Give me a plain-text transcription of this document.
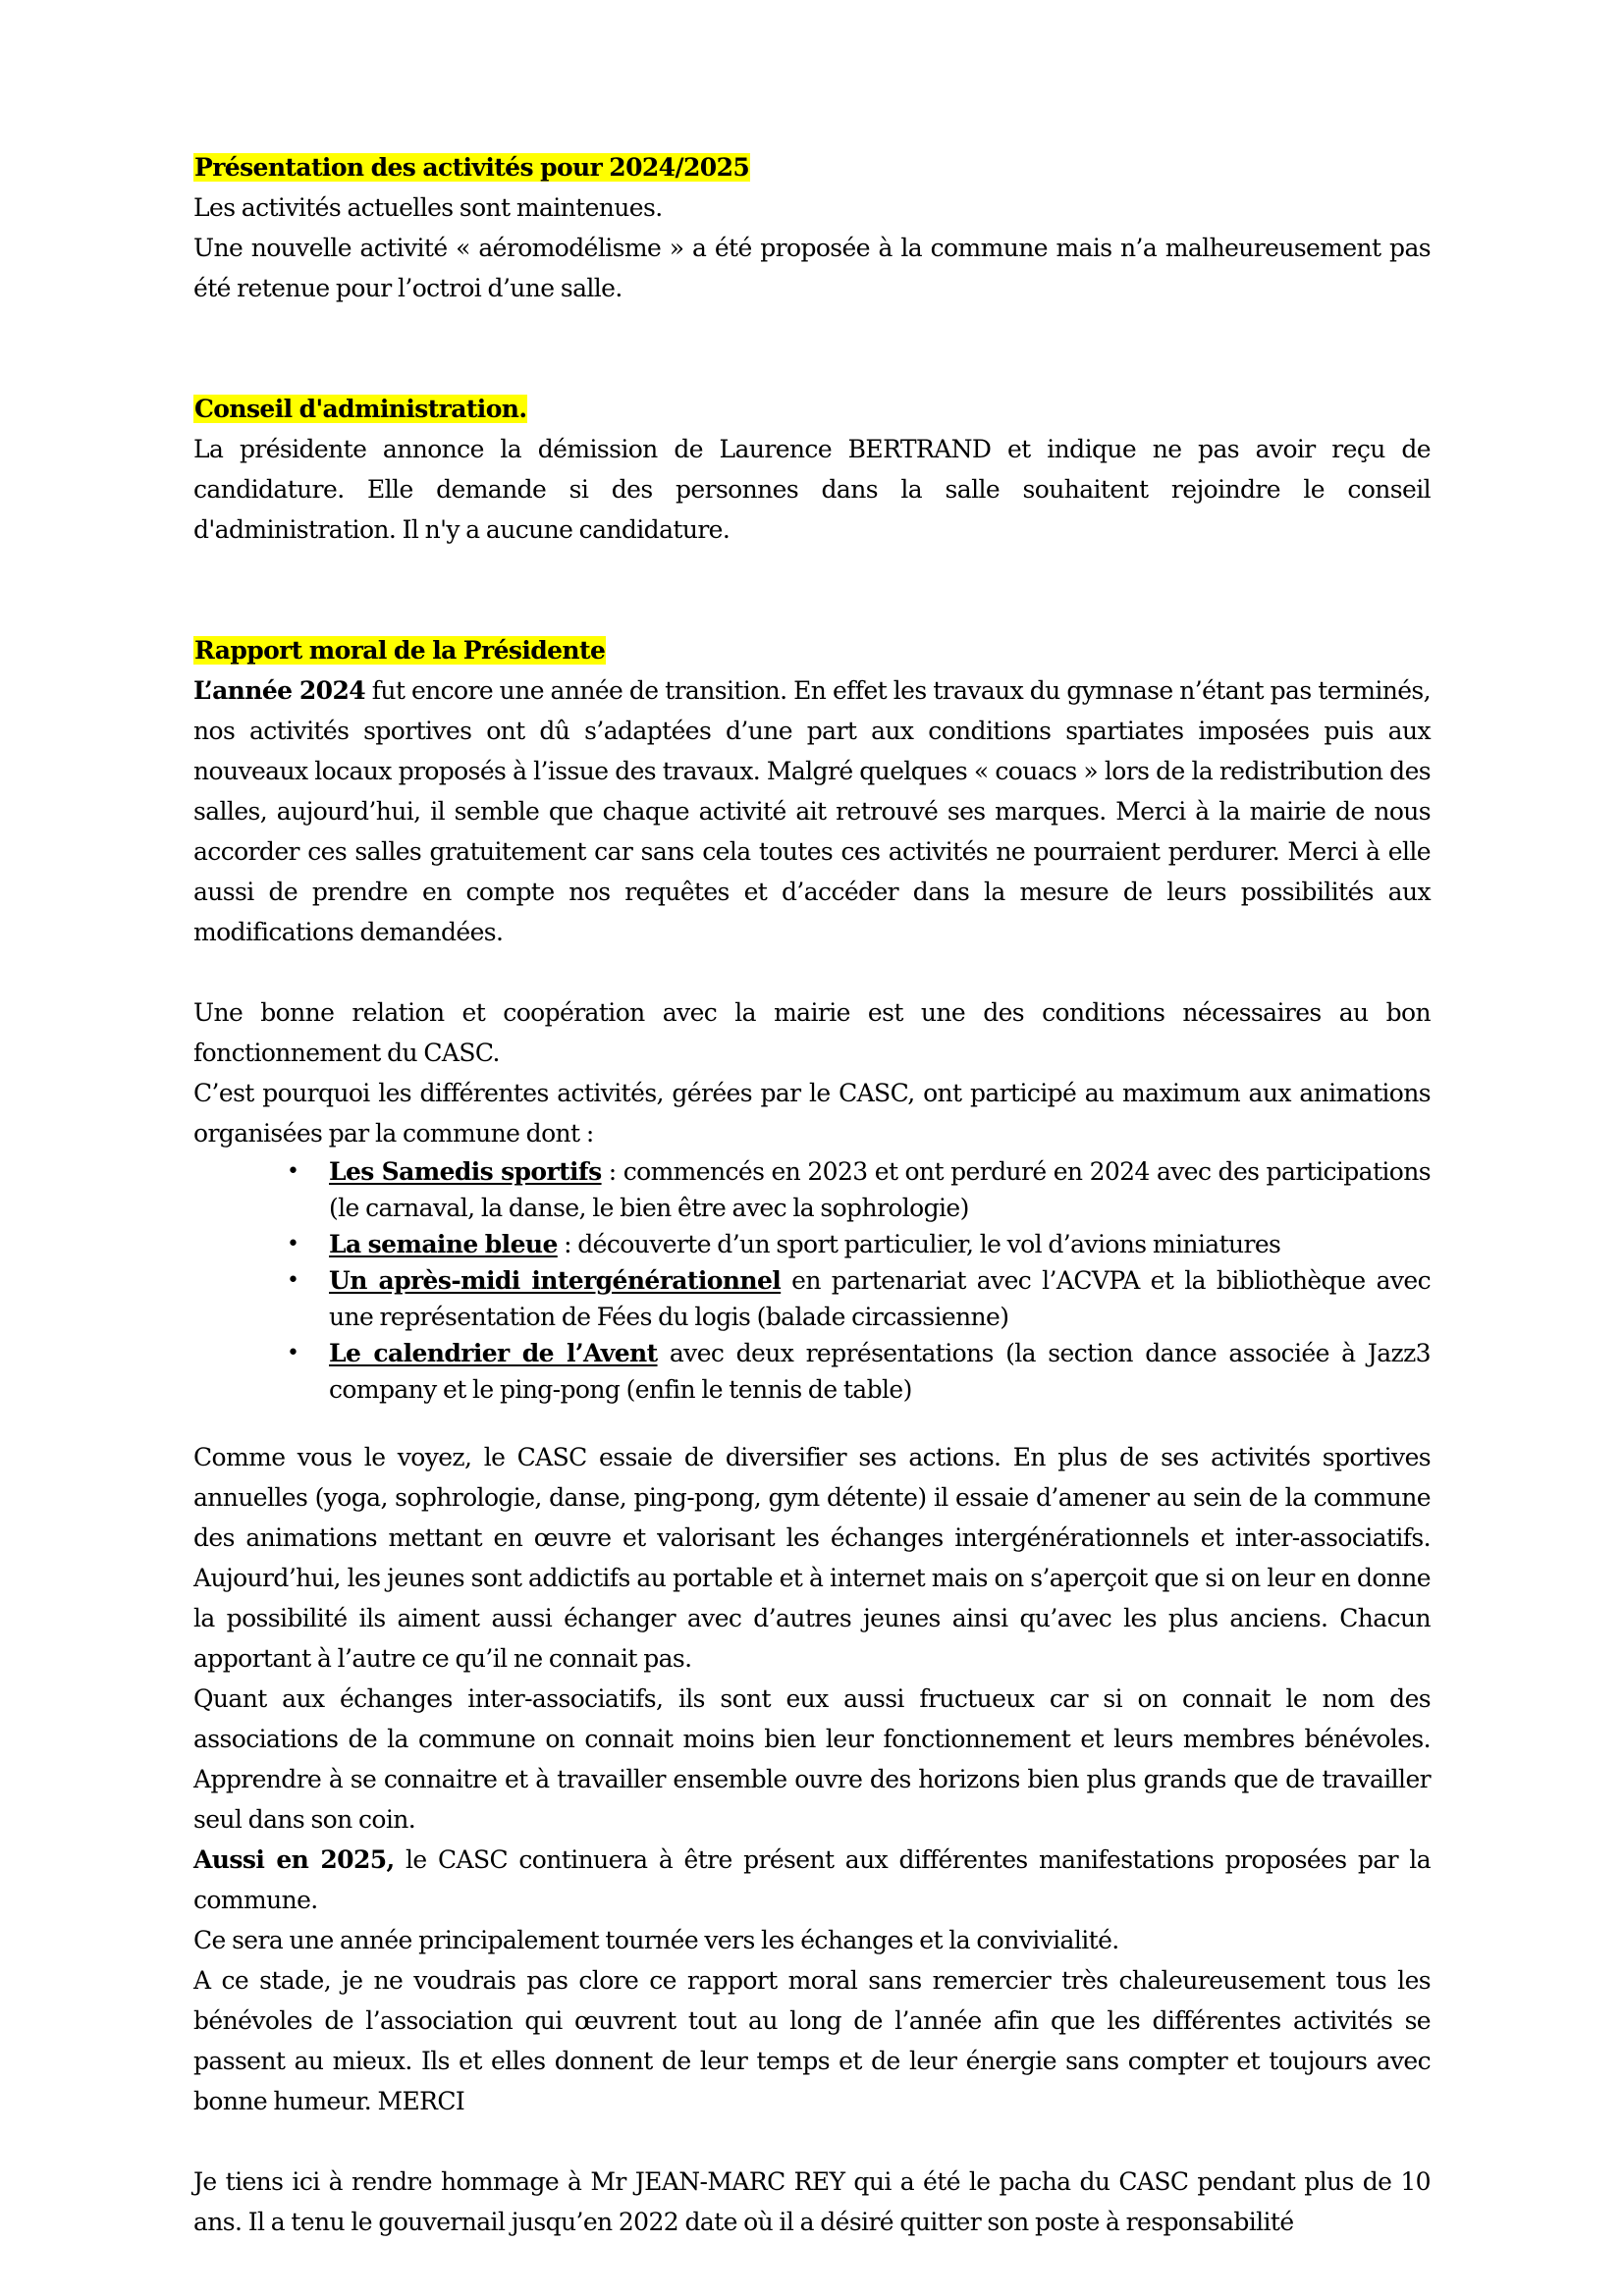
Présentation des activités pour 2024/2025

Les activités actuelles sont maintenues.

Une nouvelle activité « aéromodélisme » a été proposée à la commune mais n’a malheureusement pas été retenue pour l’octroi d’une salle.

Conseil d'administration.

La présidente annonce la démission de Laurence BERTRAND et indique ne pas avoir reçu de candidature. Elle demande si des personnes dans la salle souhaitent rejoindre le conseil d'administration. Il n'y a aucune candidature.

Rapport moral de la Présidente

L’année 2024 fut encore une année de transition. En effet les travaux du gymnase n’étant pas terminés, nos activités sportives ont dû s’adaptées d’une part aux conditions spartiates imposées puis aux nouveaux locaux proposés à l’issue des travaux. Malgré quelques « couacs » lors de la redistribution des salles, aujourd’hui, il semble que chaque activité ait retrouvé ses marques. Merci à la mairie de nous accorder ces salles gratuitement car sans cela toutes ces activités ne pourraient perdurer. Merci à elle aussi de prendre en compte nos requêtes et d’accéder dans la mesure de leurs possibilités aux modifications demandées.

Une bonne relation et coopération avec la mairie est une des conditions nécessaires au bon fonctionnement du CASC.

C’est pourquoi les différentes activités, gérées par le CASC, ont participé au maximum aux animations organisées par la commune dont :

• Les Samedis sportifs : commencés en 2023 et ont perduré en 2024 avec des participations (le carnaval, la danse, le bien être avec la sophrologie)
• La semaine bleue : découverte d’un sport particulier, le vol d’avions miniatures
• Un après-midi intergénérationnel en partenariat avec l’ACVPA et la bibliothèque avec une représentation de Fées du logis (balade circassienne)
• Le calendrier de l’Avent avec deux représentations (la section dance associée à Jazz3 company et le ping-pong (enfin le tennis de table)

Comme vous le voyez, le CASC essaie de diversifier ses actions. En plus de ses activités sportives annuelles (yoga, sophrologie, danse, ping-pong, gym détente) il essaie d’amener au sein de la commune des animations mettant en œuvre et valorisant les échanges intergénérationnels et inter-associatifs. Aujourd’hui, les jeunes sont addictifs au portable et à internet mais on s’aperçoit que si on leur en donne la possibilité ils aiment aussi échanger avec d’autres jeunes ainsi qu’avec les plus anciens. Chacun apportant à l’autre ce qu’il ne connait pas.

Quant aux échanges inter-associatifs, ils sont eux aussi fructueux car si on connait le nom des associations de la commune on connait moins bien leur fonctionnement et leurs membres bénévoles. Apprendre à se connaitre et à travailler ensemble ouvre des horizons bien plus grands que de travailler seul dans son coin.

Aussi en 2025, le CASC continuera à être présent aux différentes manifestations proposées par la commune.

Ce sera une année principalement tournée vers les échanges et la convivialité.

A ce stade, je ne voudrais pas clore ce rapport moral sans remercier très chaleureusement tous les bénévoles de l’association qui œuvrent tout au long de l’année afin que les différentes activités se passent au mieux. Ils et elles donnent de leur temps et de leur énergie sans compter et toujours avec bonne humeur. MERCI

Je tiens ici à rendre hommage à Mr JEAN-MARC REY qui a été le pacha du CASC pendant plus de 10 ans. Il a tenu le gouvernail jusqu’en 2022 date où il a désiré quitter son poste à responsabilité
